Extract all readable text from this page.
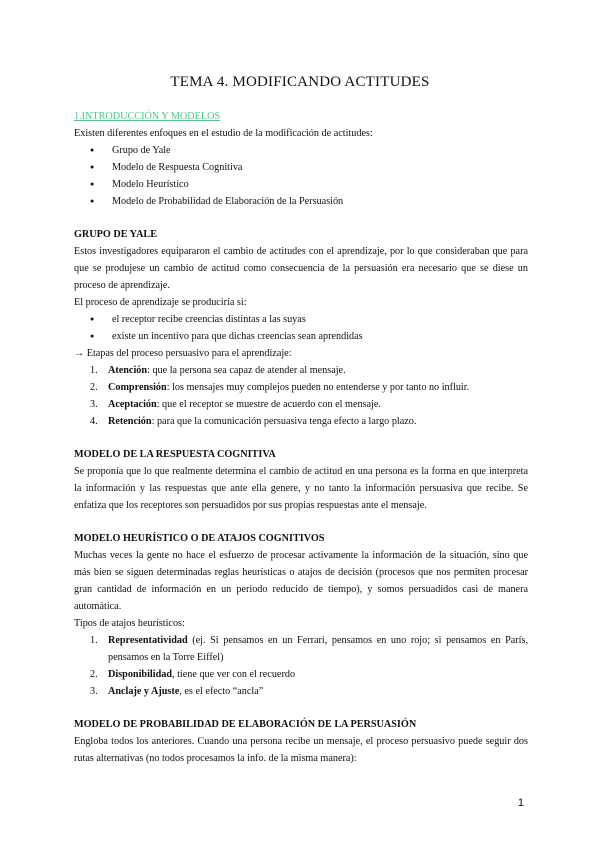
TEMA 4. MODIFICANDO ACTITUDES

1.INTRODUCCIÓN Y MODELOS

Existen diferentes enfoques en el estudio de la modificación de actitudes:

● Grupo de Yale
● Modelo de Respuesta Cognitiva
● Modelo Heurístico
● Modelo de Probabilidad de Elaboración de la Persuasión

GRUPO DE YALE

Estos investigadores equipararon el cambio de actitudes con el aprendizaje, por lo que consideraban que para que se produjese un cambio de actitud como consecuencia de la persuasión era necesario que se diese un proceso de aprendizaje.

El proceso de aprendizaje se produciría si:

● el receptor recibe creencias distintas a las suyas
● existe un incentivo para que dichas creencias sean aprendidas

→ Etapas del proceso persuasivo para el aprendizaje:

1. Atención: que la persona sea capaz de atender al mensaje.
2. Comprensión: los mensajes muy complejos pueden no entenderse y por tanto no influir.
3. Aceptación: que el receptor se muestre de acuerdo con el mensaje.
4. Retención: para que la comunicación persuasiva tenga efecto a largo plazo.

MODELO DE LA RESPUESTA COGNITIVA

Se proponía que lo que realmente determina el cambio de actitud en una persona es la forma en que interpreta la información y las respuestas que ante ella genere, y no tanto la información persuasiva que recibe. Se enfatiza que los receptores son persuadidos por sus propias respuestas ante el mensaje.

MODELO HEURÍSTICO O DE ATAJOS COGNITIVOS

Muchas veces la gente no hace el esfuerzo de procesar activamente la información de la situación, sino que más bien se siguen determinadas reglas heurísticas o atajos de decisión (procesos que nos permiten procesar gran cantidad de información en un periodo reducido de tiempo), y somos persuadidos casi de manera automática.

Tipos de atajos heurísticos:

1. Representatividad (ej. Si pensamos en un Ferrari, pensamos en uno rojo; si pensamos en París, pensamos en la Torre Eiffel)
2. Disponibilidad, tiene que ver con el recuerdo
3. Anclaje y Ajuste, es el efecto “ancla”

MODELO DE PROBABILIDAD DE ELABORACIÓN DE LA PERSUASIÓN

Engloba todos los anteriores. Cuando una persona recibe un mensaje, el proceso persuasivo puede seguir dos rutas alternativas (no todos procesamos la info. de la misma manera):

1
